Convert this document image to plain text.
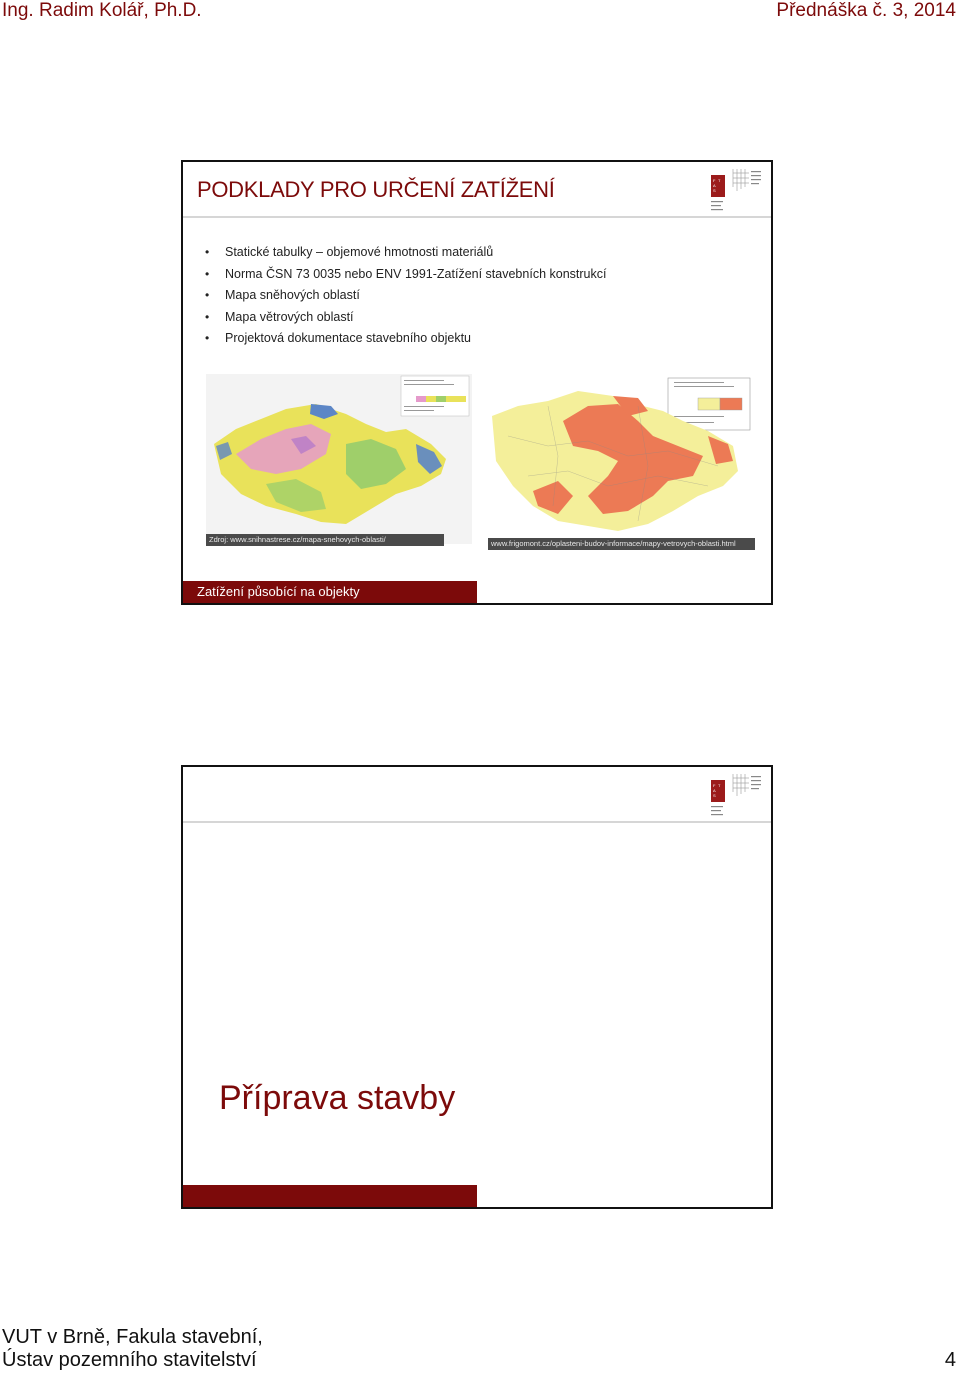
Ing. Radim Kolář, Ph.D.	Přednáška č. 3, 2014
PODKLADY PRO URČENÍ ZATÍŽENÍ	F
A
S
T
• Statické tabulky – objemové hmotnosti materiálů
• Norma ČSN 73 0035 nebo ENV 1991-Zatížení stavebních konstrukcí
• Mapa sněhových oblastí
• Mapa větrových oblastí
• Projektová dokumentace stavebního objektu
Zdroj: www.snihnastrese.cz/mapa-snehovych-oblasti/	www.frigomont.cz/oplasteni-budov-informace/mapy-vetrovych-oblasti.html
Zatížení působící na objekty
F
A
S
T
Příprava stavby
VUT v Brně, Fakula stavební,
Ústav pozemního stavitelství	4
